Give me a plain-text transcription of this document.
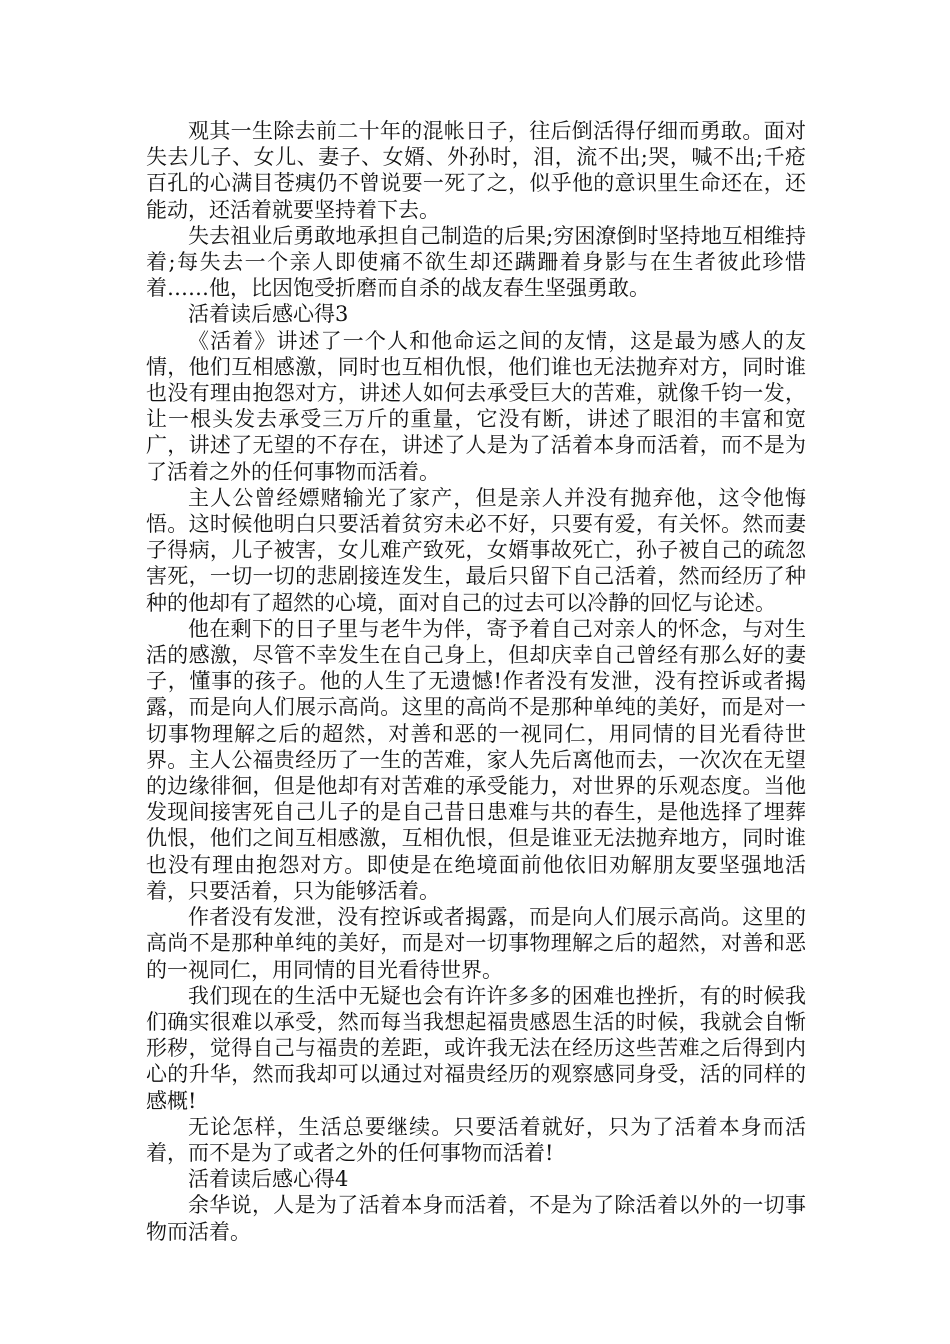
观其一生除去前二十年的混帐日子，往后倒活得仔细而勇敢。面对失去儿子、女儿、妻子、女婿、外孙时，泪，流不出;哭，喊不出;千疮百孔的心满目苍痍仍不曾说要一死了之，似乎他的意识里生命还在，还能动，还活着就要坚持着下去。

失去祖业后勇敢地承担自己制造的后果;穷困潦倒时坚持地互相维持着;每失去一个亲人即使痛不欲生却还蹒跚着身影与在生者彼此珍惜着……他，比因饱受折磨而自杀的战友春生坚强勇敢。

活着读后感心得3

《活着》讲述了一个人和他命运之间的友情，这是最为感人的友情，他们互相感激，同时也互相仇恨，他们谁也无法抛弃对方，同时谁也没有理由抱怨对方，讲述人如何去承受巨大的苦难，就像千钧一发，让一根头发去承受三万斤的重量，它没有断，讲述了眼泪的丰富和宽广，讲述了无望的不存在，讲述了人是为了活着本身而活着，而不是为了活着之外的任何事物而活着。

主人公曾经嫖赌输光了家产，但是亲人并没有抛弃他，这令他悔悟。这时候他明白只要活着贫穷未必不好，只要有爱，有关怀。然而妻子得病，儿子被害，女儿难产致死，女婿事故死亡，孙子被自己的疏忽害死，一切一切的悲剧接连发生，最后只留下自己活着，然而经历了种种的他却有了超然的心境，面对自己的过去可以冷静的回忆与论述。

他在剩下的日子里与老牛为伴，寄予着自己对亲人的怀念，与对生活的感激，尽管不幸发生在自己身上，但却庆幸自己曾经有那么好的妻子，懂事的孩子。他的人生了无遗憾!作者没有发泄，没有控诉或者揭露，而是向人们展示高尚。这里的高尚不是那种单纯的美好，而是对一切事物理解之后的超然，对善和恶的一视同仁，用同情的目光看待世界。主人公福贵经历了一生的苦难，家人先后离他而去，一次次在无望的边缘徘徊，但是他却有对苦难的承受能力，对世界的乐观态度。当他发现间接害死自己儿子的是自己昔日患难与共的春生，是他选择了埋葬仇恨，他们之间互相感激，互相仇恨，但是谁亚无法抛弃地方，同时谁也没有理由抱怨对方。即使是在绝境面前他依旧劝解朋友要坚强地活着，只要活着，只为能够活着。

作者没有发泄，没有控诉或者揭露，而是向人们展示高尚。这里的高尚不是那种单纯的美好，而是对一切事物理解之后的超然，对善和恶的一视同仁，用同情的目光看待世界。

我们现在的生活中无疑也会有许许多多的困难也挫折，有的时候我们确实很难以承受，然而每当我想起福贵感恩生活的时候，我就会自惭形秽，觉得自己与福贵的差距，或许我无法在经历这些苦难之后得到内心的升华，然而我却可以通过对福贵经历的观察感同身受，活的同样的感概!

无论怎样，生活总要继续。只要活着就好，只为了活着本身而活着，而不是为了或者之外的任何事物而活着!

活着读后感心得4

余华说，人是为了活着本身而活着，不是为了除活着以外的一切事物而活着。
